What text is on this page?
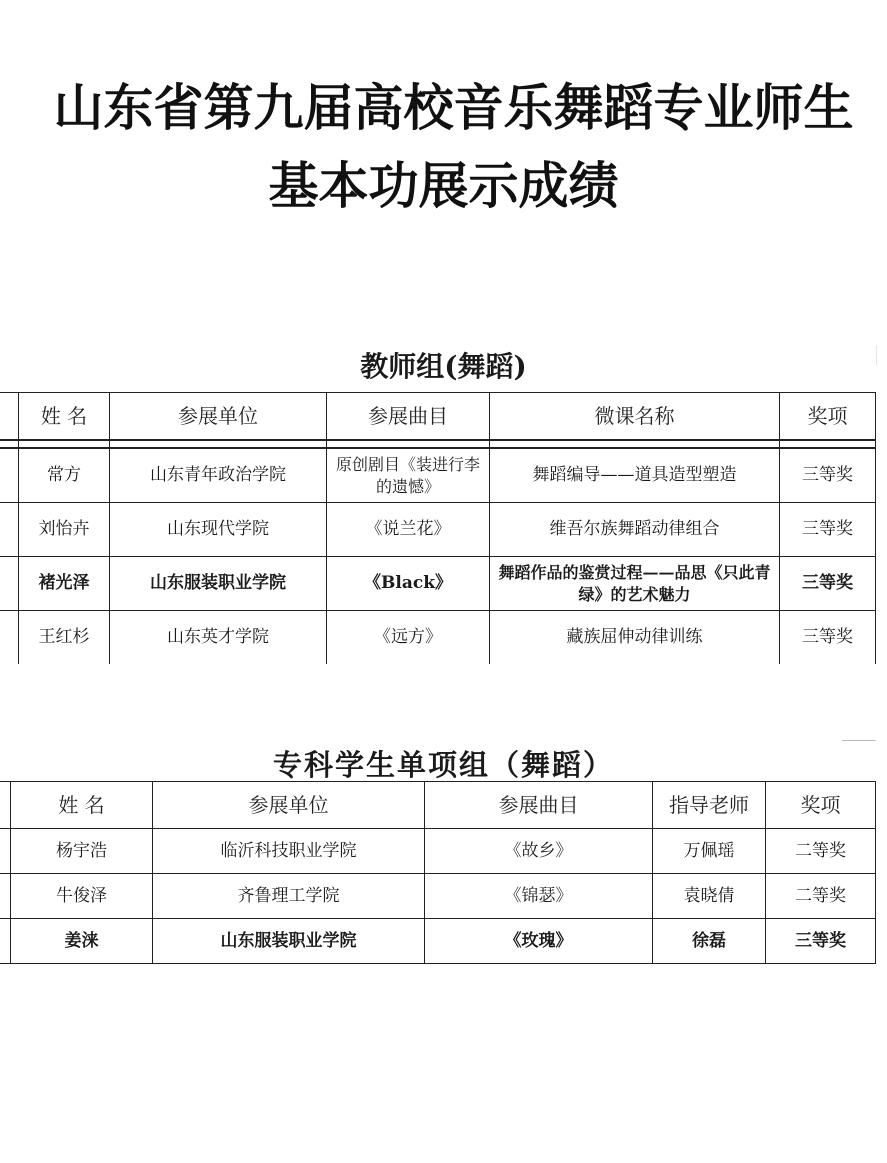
山东省第九届高校音乐舞蹈专业师生
基本功展示成绩
教师组(舞蹈)
	姓 名	参展单位	参展曲目	微课名称	奖项

	常方	山东青年政治学院	原创剧目《装进行李的遗憾》	舞蹈编导——道具造型塑造	三等奖
	刘怡卉	山东现代学院	《说兰花》	维吾尔族舞蹈动律组合	三等奖
	褚光泽	山东服装职业学院	《Black》	舞蹈作品的鉴赏过程——品思《只此青绿》的艺术魅力	三等奖
	王红杉	山东英才学院	《远方》	藏族屈伸动律训练	三等奖
专科学生单项组（舞蹈）
	姓 名	参展单位	参展曲目	指导老师	奖项
	杨宇浩	临沂科技职业学院	《故乡》	万佩瑶	二等奖
	牛俊泽	齐鲁理工学院	《锦瑟》	袁晓倩	二等奖
	姜涞	山东服装职业学院	《玫瑰》	徐磊	三等奖
